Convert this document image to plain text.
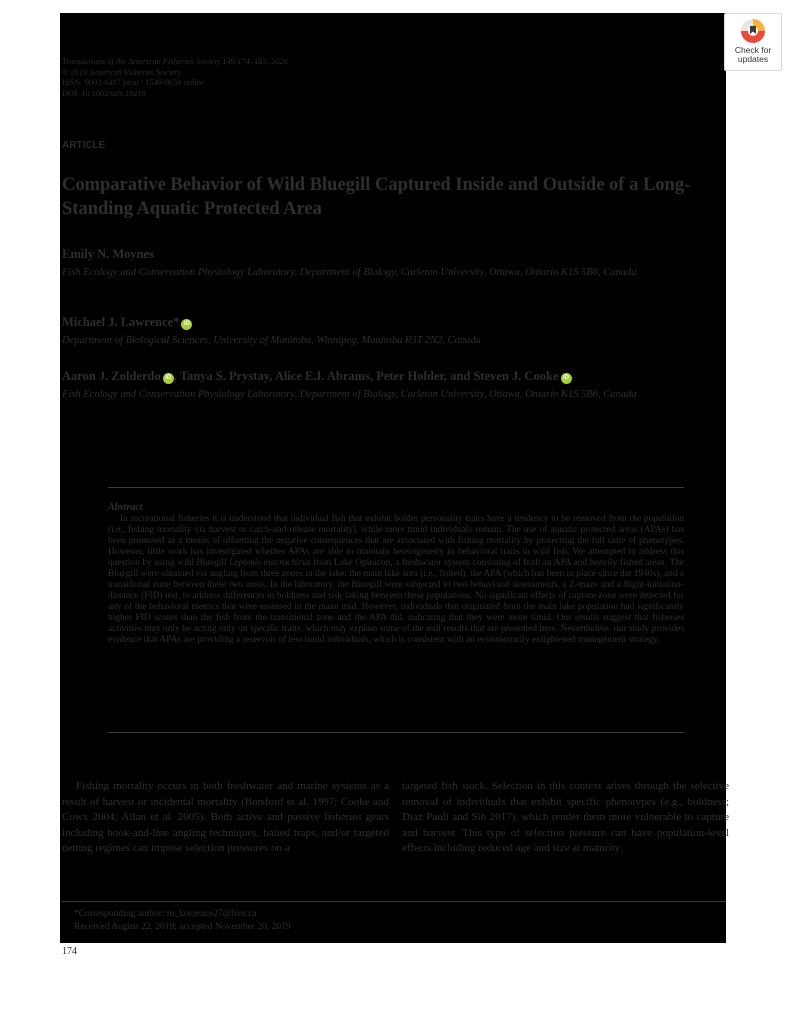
Transactions of the American Fisheries Society 149:174–183, 2020
© 2019 American Fisheries Society
ISSN: 0002-8487 print / 1548-8659 online
DOI: 10.1002/tafs.10218
ARTICLE
Comparative Behavior of Wild Bluegill Captured Inside and Outside of a Long-Standing Aquatic Protected Area
Emily N. Moynes
Fish Ecology and Conservation Physiology Laboratory, Department of Biology, Carleton University, Ottawa, Ontario K1S 5B6, Canada
Michael J. Lawrence* iD
Department of Biological Sciences, University of Manitoba, Winnipeg, Manitoba R3T 2N2, Canada
Aaron J. Zolderdo iD , Tanya S. Prystay, Alice E.I. Abrams, Peter Holder, and Steven J. Cooke iD
Fish Ecology and Conservation Physiology Laboratory, Department of Biology, Carleton University, Ottawa, Ontario K1S 5B6, Canada
Abstract
In recreational fisheries it is understood that individual fish that exhibit bolder personality traits have a tendency to be removed from the population (i.e., fishing mortality via harvest or catch-and-release mortality), while more timid individuals remain. The use of aquatic protected areas (APAs) has been promoted as a means of offsetting the negative consequences that are associated with fishing mortality by protecting the full suite of phenotypes. However, little work has investigated whether APAs are able to maintain heterogeneity in behavioral traits in wild fish. We attempted to address this question by using wild Bluegill Lepomis macrochirus from Lake Opinicon, a freshwater system consisting of both an APA and heavily fished areas. The Bluegill were obtained via angling from three zones in the lake: the main lake area (i.e., fished), the APA (which has been in place since the 1940s), and a transitional zone between these two areas. In the laboratory, the Bluegill were subjected to two behavioral assessments, a Z-maze and a flight-initiation-distance (FID) test, to address differences in boldness and risk-taking between these populations. No significant effects of capture zone were detected for any of the behavioral metrics that were assessed in the maze trial. However, individuals that originated from the main lake population had significantly higher FID scores than the fish from the transitional zone and the APA did, indicating that they were more timid. Our results suggest that fisheries activities may only be acting only on specific traits, which may explain some of the null results that are presented here. Nevertheless, our study provides evidence that APAs are providing a reservoir of less timid individuals, which is consistent with an evolutionarily enlightened management strategy.
Fishing mortality occurs in both freshwater and marine systems as a result of harvest or incidental mortality (Botsford et al. 1997; Cooke and Cowx 2004; Allan et al. 2005). Both active and passive fisheries gears including hook-and-line angling techniques, baited traps, and/or targeted netting regimes can impose selection pressures on a
targeted fish stock. Selection in this context arises through the selective removal of individuals that exhibit specific phenotypes (e.g., boldness; Diaz Pauli and Sih 2017), which render them more vulnerable to capture and harvest. This type of selection pressure can have population-level effects including reduced age and size at maturity
*Corresponding author: m_lawrence27@live.ca
Received August 22, 2019; accepted November 20, 2019
174
Check for
updates
